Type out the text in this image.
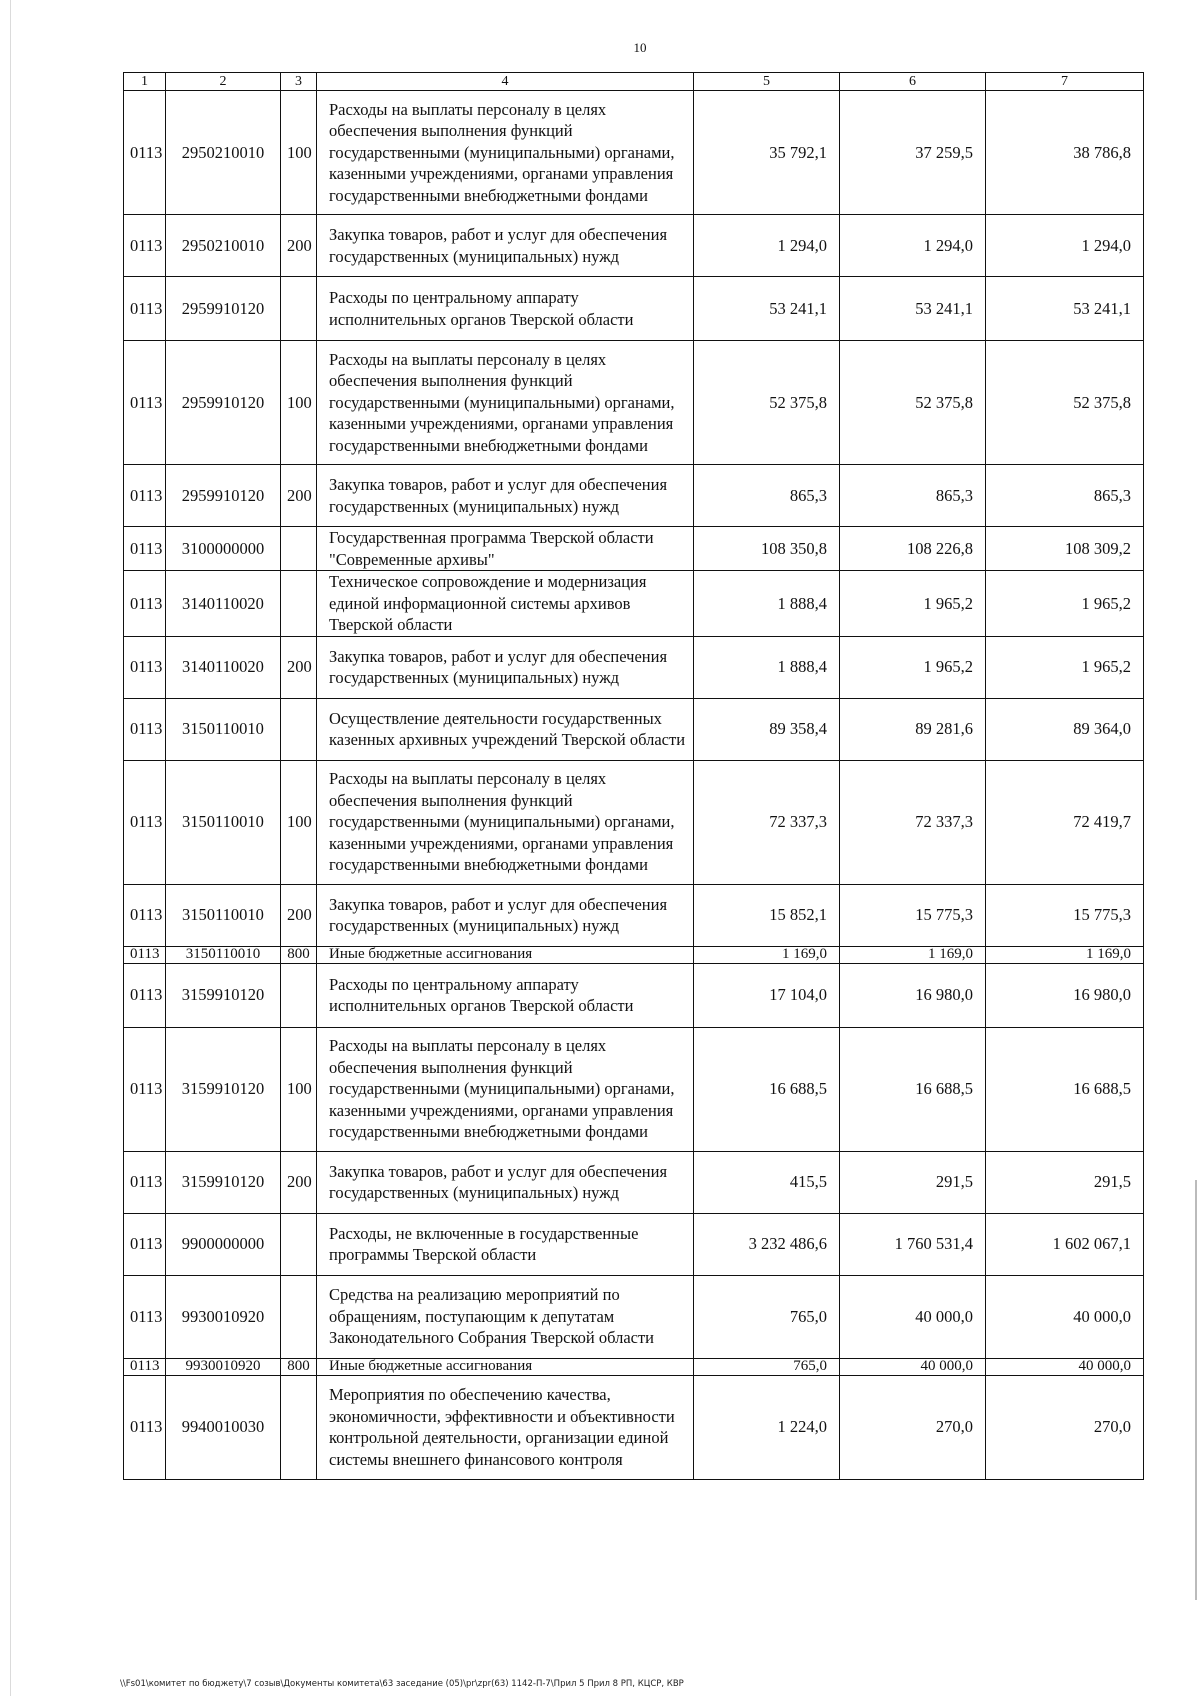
10
1	2	3	4	5	6	7
0113	2950210010	100	Расходы на выплаты персоналу в целях обеспечения выполнения функций государственными (муниципальными) органами, казенными учреждениями, органами управления государственными внебюджетными фондами	35 792,1	37 259,5	38 786,8
0113	2950210010	200	Закупка товаров, работ и услуг для обеспечения государственных (муниципальных) нужд	1 294,0	1 294,0	1 294,0
0113	2959910120		Расходы по центральному аппарату исполнительных органов Тверской области	53 241,1	53 241,1	53 241,1
0113	2959910120	100	Расходы на выплаты персоналу в целях обеспечения выполнения функций государственными (муниципальными) органами, казенными учреждениями, органами управления государственными внебюджетными фондами	52 375,8	52 375,8	52 375,8
0113	2959910120	200	Закупка товаров, работ и услуг для обеспечения государственных (муниципальных) нужд	865,3	865,3	865,3
0113	3100000000		Государственная программа Тверской области "Современные архивы"	108 350,8	108 226,8	108 309,2
0113	3140110020		Техническое сопровождение и модернизация единой информационной системы архивов Тверской области	1 888,4	1 965,2	1 965,2
0113	3140110020	200	Закупка товаров, работ и услуг для обеспечения государственных (муниципальных) нужд	1 888,4	1 965,2	1 965,2
0113	3150110010		Осуществление деятельности государственных казенных архивных учреждений Тверской области	89 358,4	89 281,6	89 364,0
0113	3150110010	100	Расходы на выплаты персоналу в целях обеспечения выполнения функций государственными (муниципальными) органами, казенными учреждениями, органами управления государственными внебюджетными фондами	72 337,3	72 337,3	72 419,7
0113	3150110010	200	Закупка товаров, работ и услуг для обеспечения государственных (муниципальных) нужд	15 852,1	15 775,3	15 775,3
0113	3150110010	800	Иные бюджетные ассигнования	1 169,0	1 169,0	1 169,0
0113	3159910120		Расходы по центральному аппарату исполнительных органов Тверской области	17 104,0	16 980,0	16 980,0
0113	3159910120	100	Расходы на выплаты персоналу в целях обеспечения выполнения функций государственными (муниципальными) органами, казенными учреждениями, органами управления государственными внебюджетными фондами	16 688,5	16 688,5	16 688,5
0113	3159910120	200	Закупка товаров, работ и услуг для обеспечения государственных (муниципальных) нужд	415,5	291,5	291,5
0113	9900000000		Расходы, не включенные в государственные программы Тверской области	3 232 486,6	1 760 531,4	1 602 067,1
0113	9930010920		Средства на реализацию мероприятий по обращениям, поступающим к депутатам Законодательного Собрания Тверской области	765,0	40 000,0	40 000,0
0113	9930010920	800	Иные бюджетные ассигнования	765,0	40 000,0	40 000,0
0113	9940010030		Мероприятия по обеспечению качества, экономичности, эффективности и объективности контрольной деятельности, организации единой системы внешнего финансового контроля	1 224,0	270,0	270,0
\\Fs01\комитет по бюджету\7 созыв\Документы комитета\63 заседание (05)\pr\zpr(63) 1142-П-7\Прил 5 Прил 8 РП, КЦСР, КВР
